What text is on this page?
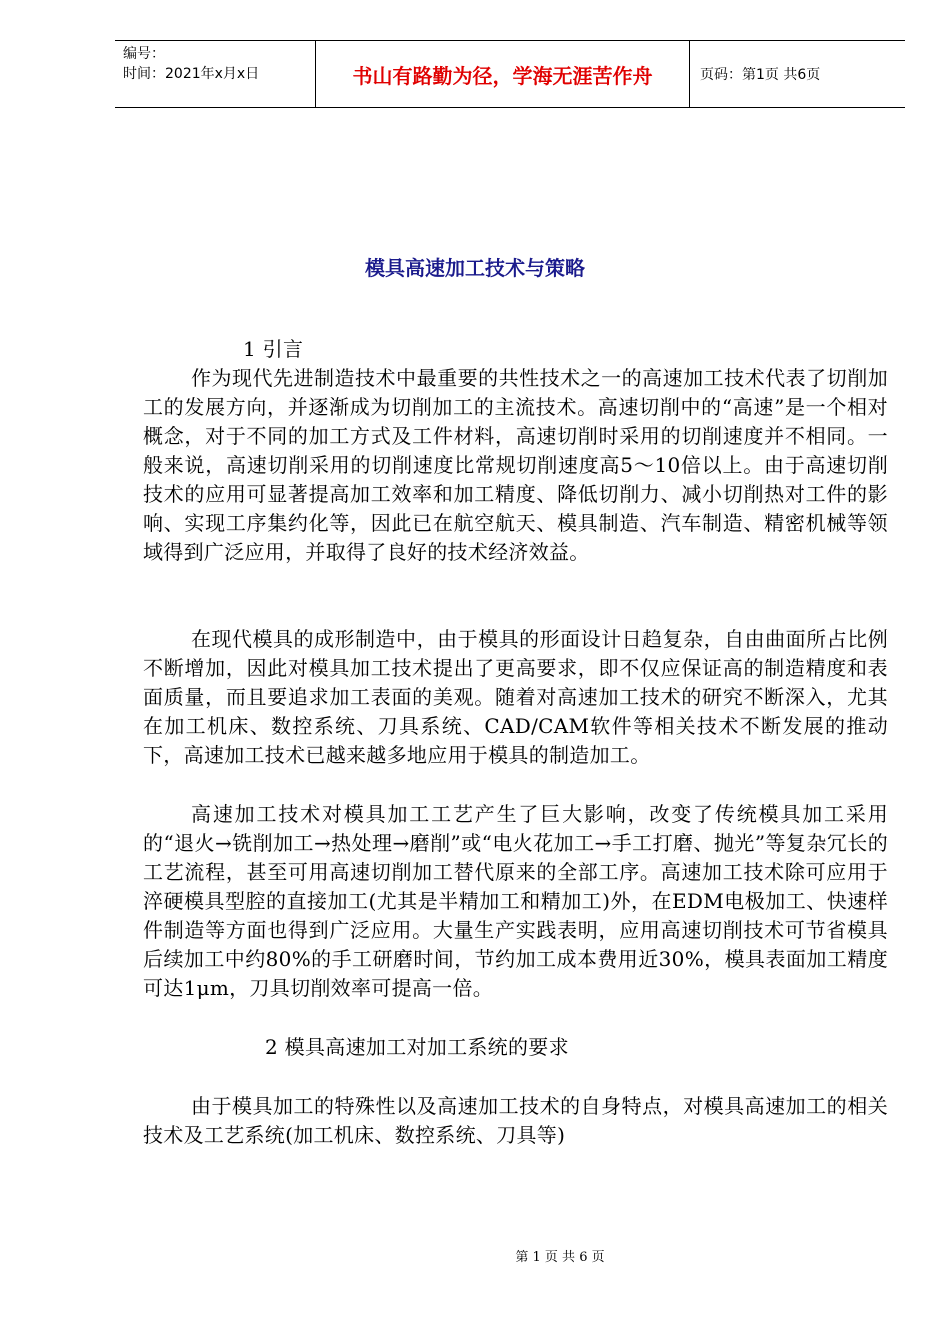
编号：
时间：2021年x月x日	书山有路勤为径，学海无涯苦作舟	页码：第1页 共6页
模具高速加工技术与策略
1 引言

作为现代先进制造技术中最重要的共性技术之一的高速加工技术代表了切削加工的发展方向，并逐渐成为切削加工的主流技术。高速切削中的“高速”是一个相对概念，对于不同的加工方式及工件材料，高速切削时采用的切削速度并不相同。一般来说，高速切削采用的切削速度比常规切削速度高5～10倍以上。由于高速切削技术的应用可显著提高加工效率和加工精度、降低切削力、减小切削热对工件的影响、实现工序集约化等，因此已在航空航天、模具制造、汽车制造、精密机械等领域得到广泛应用，并取得了良好的技术经济效益。

在现代模具的成形制造中，由于模具的形面设计日趋复杂，自由曲面所占比例不断增加，因此对模具加工技术提出了更高要求，即不仅应保证高的制造精度和表面质量，而且要追求加工表面的美观。随着对高速加工技术的研究不断深入，尤其在加工机床、数控系统、刀具系统、CAD/CAM软件等相关技术不断发展的推动下，高速加工技术已越来越多地应用于模具的制造加工。

高速加工技术对模具加工工艺产生了巨大影响，改变了传统模具加工采用的“退火→铣削加工→热处理→磨削”或“电火花加工→手工打磨、抛光”等复杂冗长的工艺流程，甚至可用高速切削加工替代原来的全部工序。高速加工技术除可应用于淬硬模具型腔的直接加工(尤其是半精加工和精加工)外，在EDM电极加工、快速样件制造等方面也得到广泛应用。大量生产实践表明，应用高速切削技术可节省模具后续加工中约80%的手工研磨时间，节约加工成本费用近30%，模具表面加工精度可达1μm，刀具切削效率可提高一倍。

2 模具高速加工对加工系统的要求

由于模具加工的特殊性以及高速加工技术的自身特点，对模具高速加工的相关技术及工艺系统(加工机床、数控系统、刀具等)

第 1 页 共 6 页
